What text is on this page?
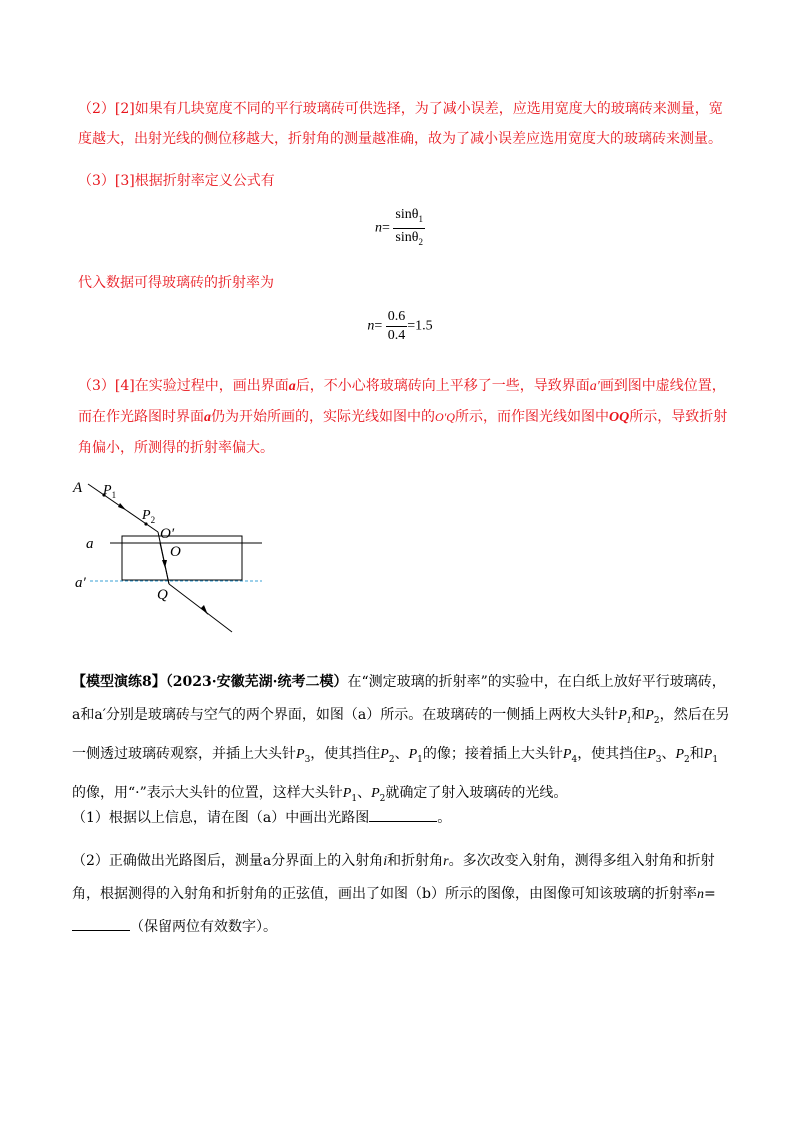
（2）[2]如果有几块宽度不同的平行玻璃砖可供选择，为了减小误差，应选用宽度大的玻璃砖来测量，宽度越大，出射光线的侧位移越大，折射角的测量越准确，故为了减小误差应选用宽度大的玻璃砖来测量。

（3）[3]根据折射率定义公式有

$n= \frac{\sin\theta_1}{\sin\theta_2}$

代入数据可得玻璃砖的折射率为

$n= \frac{0.6}{0.4} =1.5$

（3）[4]在实验过程中，画出界面a后，不小心将玻璃砖向上平移了一些，导致界面a′画到图中虚线位置，而在作光路图时界面a仍为开始所画的，实际光线如图中的O′Q所示，而作图光线如图中OQ所示，导致折射角偏小，所测得的折射率偏大。

A $P_1$
$P_2$
O′
O
a
a′
Q

【模型演练8】（2023·安徽芜湖·统考二模）在“测定玻璃的折射率”的实验中，在白纸上放好平行玻璃砖，a和a′分别是玻璃砖与空气的两个界面，如图（a）所示。在玻璃砖的一侧插上两枚大头针$P_1$和$P_2$，然后在另一侧透过玻璃砖观察，并插上大头针$P_3$，使其挡住$P_2$、$P_1$的像；接着插上大头针$P_4$，使其挡住$P_3$、$P_2$和$P_1$的像，用“·”表示大头针的位置，这样大头针$P_1$、$P_2$就确定了射入玻璃砖的光线。

（1）根据以上信息，请在图（a）中画出光路图	。

（2）正确做出光路图后，测量a分界面上的入射角i和折射角r。多次改变入射角，测得多组入射角和折射角，根据测得的入射角和折射角的正弦值，画出了如图（b）所示的图像，由图像可知该玻璃的折射率n=（保留两位有效数字）。
